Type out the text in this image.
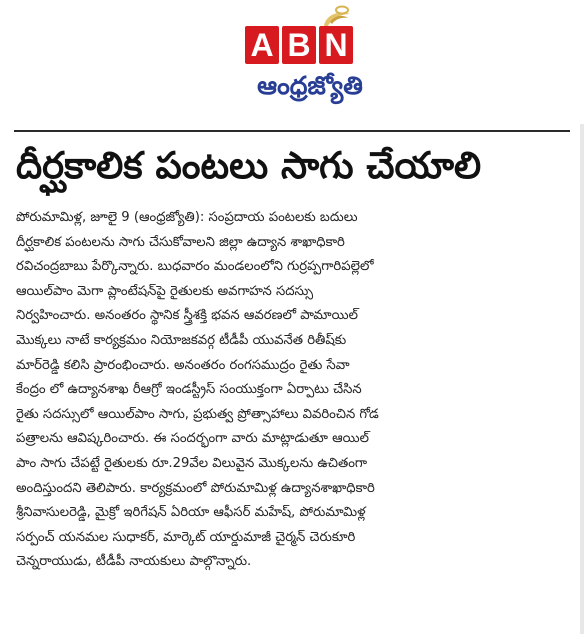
A B N
ఆంధ్రజ్యోతి
దీర్ఘకాలిక పంటలు సాగు చేయాలి
పోరుమామిళ్ల, జూలై 9 (ఆంధ్రజ్యోతి): సంప్రదాయ పంటలకు బదులు
దీర్ఘకాలిక పంటలను సాగు చేసుకోవాలని జిల్లా ఉద్యాన శాఖాధికారి
రవిచంద్రబాబు పేర్కొన్నారు. బుధవారం మండలంలోని గుర్రప్పగారిపల్లెలో
ఆయిల్‌పాం మెగా ప్లాంటేషన్‌పై రైతులకు అవగాహన సదస్సు
నిర్వహించారు. అనంతరం స్థానిక స్త్రీశక్తి భవన ఆవరణలో పామాయిల్
మొక్కలు నాటే కార్యక్రమం నియోజకవర్గ టీడీపీ యువనేత రితీష్‌కు
మార్‌రెడ్డి కలిసి ప్రారంభించారు. అనంతరం రంగసముద్రం రైతు సేవా
కేంద్రం లో ఉద్యానశాఖ రీఆగ్రో ఇండస్ట్రీస్ సంయుక్తంగా ఏర్పాటు చేసిన
రైతు సదస్సులో ఆయిల్‌పాం సాగు, ప్రభుత్వ ప్రోత్సాహాలు వివరించిన గోడ
పత్రాలను ఆవిష్కరించారు. ఈ సందర్భంగా వారు మాట్లాడుతూ ఆయిల్
పాం సాగు చేపట్టే రైతులకు రూ.29వేల విలువైన మొక్కలను ఉచితంగా
అందిస్తుందని తెలిపారు. కార్యక్రమంలో పోరుమామిళ్ల ఉద్యానశాఖాధికారి
శ్రీనివాసులరెడ్డి, మైక్రో ఇరిగేషన్ ఏరియా ఆఫీసర్ మహేష్, పోరుమామిళ్ల
సర్పంచ్ యనమల సుధాకర్, మార్కెట్ యార్డుమాజీ చైర్మన్ చెరుకూరి
చెన్నరాయుడు, టీడీపీ నాయకులు పాల్గొన్నారు.
